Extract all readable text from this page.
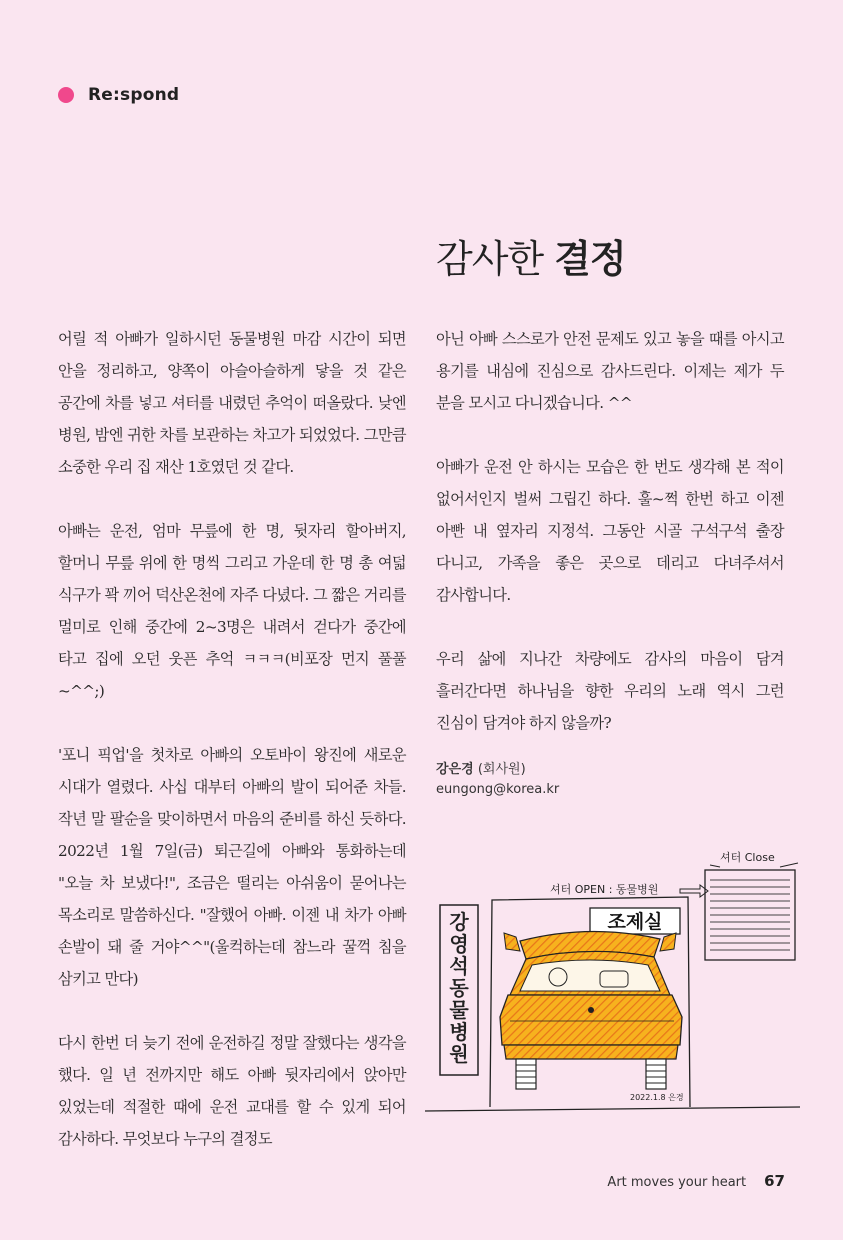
Re:spond
감사한 결정

어릴 적 아빠가 일하시던 동물병원 마감 시간이 되면 안을 정리하고, 양쪽이 아슬아슬하게 닿을 것 같은 공간에 차를 넣고 셔터를 내렸던 추억이 떠올랐다. 낮엔 병원, 밤엔 귀한 차를 보관하는 차고가 되었었다. 그만큼 소중한 우리 집 재산 1호였던 것 같다.

아빠는 운전, 엄마 무릎에 한 명, 뒷자리 할아버지, 할머니 무릎 위에 한 명씩 그리고 가운데 한 명 총 여덟 식구가 꽉 끼어 덕산온천에 자주 다녔다. 그 짧은 거리를 멀미로 인해 중간에 2~3명은 내려서 걷다가 중간에 타고 집에 오던 웃픈 추억 ㅋㅋㅋ(비포장 먼지 풀풀~^^;)

'포니 픽업'을 첫차로 아빠의 오토바이 왕진에 새로운 시대가 열렸다. 사십 대부터 아빠의 발이 되어준 차들. 작년 말 팔순을 맞이하면서 마음의 준비를 하신 듯하다. 2022년 1월 7일(금) 퇴근길에 아빠와 통화하는데 "오늘 차 보냈다!", 조금은 떨리는 아쉬움이 묻어나는 목소리로 말씀하신다. "잘했어 아빠. 이젠 내 차가 아빠 손발이 돼 줄 거야^^"(울컥하는데 참느라 꿀꺽 침을 삼키고 만다)

다시 한번 더 늦기 전에 운전하길 정말 잘했다는 생각을 했다. 일 년 전까지만 해도 아빠 뒷자리에서 앉아만 있었는데 적절한 때에 운전 교대를 할 수 있게 되어 감사하다. 무엇보다 누구의 결정도

아닌 아빠 스스로가 안전 문제도 있고 놓을 때를 아시고 용기를 내심에 진심으로 감사드린다. 이제는 제가 두 분을 모시고 다니겠습니다. ^^

아빠가 운전 안 하시는 모습은 한 번도 생각해 본 적이 없어서인지 벌써 그립긴 하다. 훌~쩍 한번 하고 이젠 아빤 내 옆자리 지정석. 그동안 시골 구석구석 출장 다니고, 가족을 좋은 곳으로 데리고 다녀주셔서 감사합니다.

우리 삶에 지나간 차량에도 감사의 마음이 담겨 흘러간다면 하나님을 향한 우리의 노래 역시 그런 진심이 담겨야 하지 않을까?

강은경 (회사원)
eungong@korea.kr
강
영
석
동
물
병
원
셔터 OPEN : 동물병원
셔터 Close
조제실
2022.1.8 은경
Art moves your heart 67
